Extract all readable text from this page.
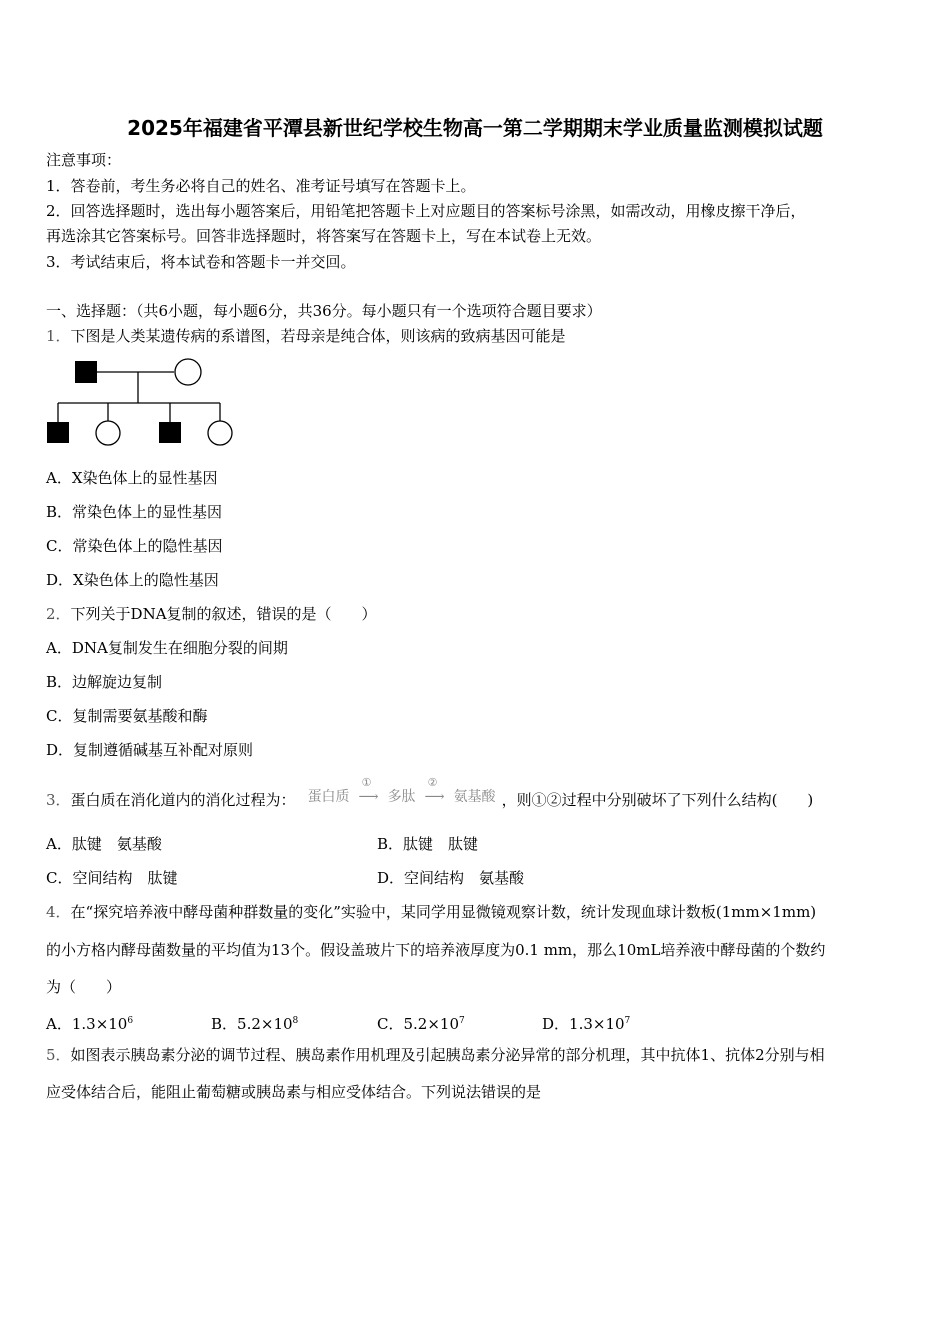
2025年福建省平潭县新世纪学校生物高一第二学期期末学业质量监测模拟试题
注意事项：
1．答卷前，考生务必将自己的姓名、准考证号填写在答题卡上。
2．回答选择题时，选出每小题答案后，用铅笔把答题卡上对应题目的答案标号涂黑，如需改动，用橡皮擦干净后，
再选涂其它答案标号。回答非选择题时，将答案写在答题卡上，写在本试卷上无效。
3．考试结束后，将本试卷和答题卡一并交回。
一、选择题：（共6小题，每小题6分，共36分。每小题只有一个选项符合题目要求）
1．下图是人类某遗传病的系谱图，若母亲是纯合体，则该病的致病基因可能是
A．X染色体上的显性基因
B．常染色体上的显性基因
C．常染色体上的隐性基因
D．X染色体上的隐性基因
2．下列关于DNA复制的叙述，错误的是（　　）
A．DNA复制发生在细胞分裂的间期
B．边解旋边复制
C．复制需要氨基酸和酶
D．复制遵循碱基互补配对原则
3．蛋白质在消化道内的消化过程为： 蛋白质
①
⟶多肽
②
⟶氨基酸 ，则①②过程中分别破坏了下列什么结构(　　)
A．肽键　氨基酸	B．肽键　肽键
C．空间结构　肽键	D．空间结构　氨基酸
4．在“探究培养液中酵母菌种群数量的变化”实验中，某同学用显微镜观察计数，统计发现血球计数板(1mm×1mm)
的小方格内酵母菌数量的平均值为13个。假设盖玻片下的培养液厚度为0.1 mm，那么10mL培养液中酵母菌的个数约
为（　　）
A．$1.3\times 10^6$	B．$5.2\times 10^8$	C．$5.2\times 10^7$	D．$1.3\times 10^7$
5．如图表示胰岛素分泌的调节过程、胰岛素作用机理及引起胰岛素分泌异常的部分机理，其中抗体1、抗体2分别与相
应受体结合后，能阻止葡萄糖或胰岛素与相应受体结合。下列说法错误的是
